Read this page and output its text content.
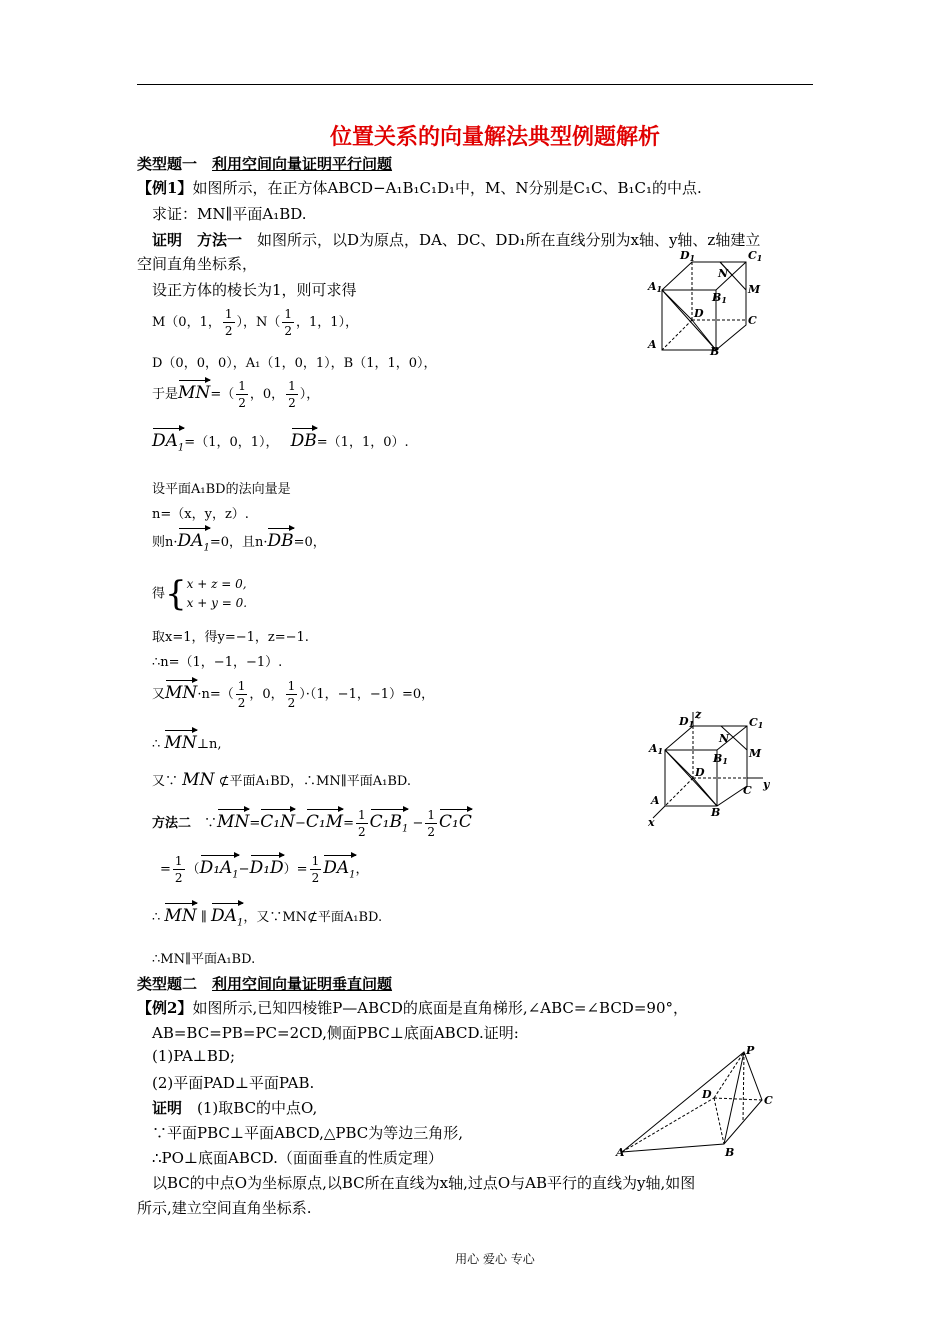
位置关系的向量解法典型例题解析
类型题一　 利用空间向量证明平行问题
【例1】如图所示，在正方体ABCD−A₁B₁C₁D₁中，M、N分别是C₁C、B₁C₁的中点.
求证：MN∥平面A₁BD.
证明　方法一　 如图所示，以D为原点，DA、DC、DD₁所在直线分别为x轴、y轴、z轴建立
空间直角坐标系，
设正方体的棱长为1，则可求得
M（0，1， $\frac{1}{2}$ ），$N( \frac{1}{2}$ ，1，1），
D（0，0，0），A₁（1，0，1），B（1，1，0），
于是$MN=( \frac{1}{2}$ ，0， $\frac{1}{2}$ ），
$DA_1=(1$，0，1）， DB=（1，1，0）.
设平面A₁BD的法向量是
n=（x，y，z）.
则$n\cdot DA_1=0$，且n·DB=0，
得{ x + z = 0,
x + y = 0.
取x=1，得y=−1，z=−1.
∴n=（1，−1，−1）.
又$MN\cdot n=( \frac{1}{2}$ ，0， $\frac{1}{2} )\cdot(1$，−1，−1）=0，
∴ MN⊥n,
又∵ MN ⊄平面A₁BD，∴MN∥平面A₁BD.
方法二　 ∵MN=C₁N−C₁M= $\frac{1}{2} C_1B_1 - \frac{1}{2} C_1C$
= $\frac{1}{2} (D_1A_1-D_1D)= \frac{1}{2} DA_1$，
∴ MN ∥ $DA_1$，又∵MN⊄平面A₁BD.
∴MN∥平面A₁BD.
类型题二　 利用空间向量证明垂直问题
【例2】如图所示,已知四棱锥P—ABCD的底面是直角梯形,∠ABC=∠BCD=90°，
AB=BC=PB=PC=2CD,侧面PBC⊥底面ABCD.证明:
(1)PA⊥BD;
(2)平面PAD⊥平面PAB.
证明　 (1)取BC的中点O,
∵平面PBC⊥平面ABCD,△PBC为等边三角形,
∴PO⊥底面ABCD.（面面垂直的性质定理）
以BC的中点O为坐标原点,以BC所在直线为x轴,过点O与AB平行的直线为y轴,如图
所示,建立空间直角坐标系.
D1	C1
N
A1
B1
M
D
C
A
B
z
y
x
D1	C1
N
A1
B1
M
D
C
A
B
P
D	C
A	B
用心 爱心 专心
